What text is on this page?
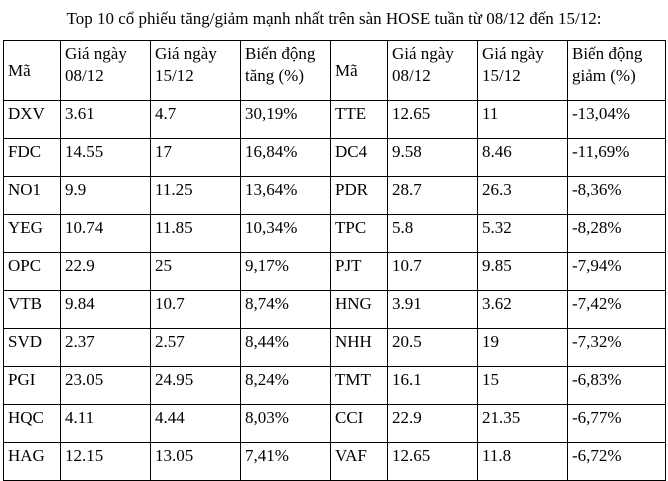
Top 10 cổ phiếu tăng/giảm mạnh nhất trên sàn HOSE tuần từ 08/12 đến 15/12:
Mã	Giá ngày 08/12	Giá ngày 15/12	Biến động tăng (%)	Mã	Giá ngày 08/12	Giá ngày 15/12	Biến động giảm (%)
DXV	3.61	4.7	30,19%	TTE	12.65	11	-13,04%
FDC	14.55	17	16,84%	DC4	9.58	8.46	-11,69%
NO1	9.9	11.25	13,64%	PDR	28.7	26.3	-8,36%
YEG	10.74	11.85	10,34%	TPC	5.8	5.32	-8,28%
OPC	22.9	25	9,17%	PJT	10.7	9.85	-7,94%
VTB	9.84	10.7	8,74%	HNG	3.91	3.62	-7,42%
SVD	2.37	2.57	8,44%	NHH	20.5	19	-7,32%
PGI	23.05	24.95	8,24%	TMT	16.1	15	-6,83%
HQC	4.11	4.44	8,03%	CCI	22.9	21.35	-6,77%
HAG	12.15	13.05	7,41%	VAF	12.65	11.8	-6,72%
